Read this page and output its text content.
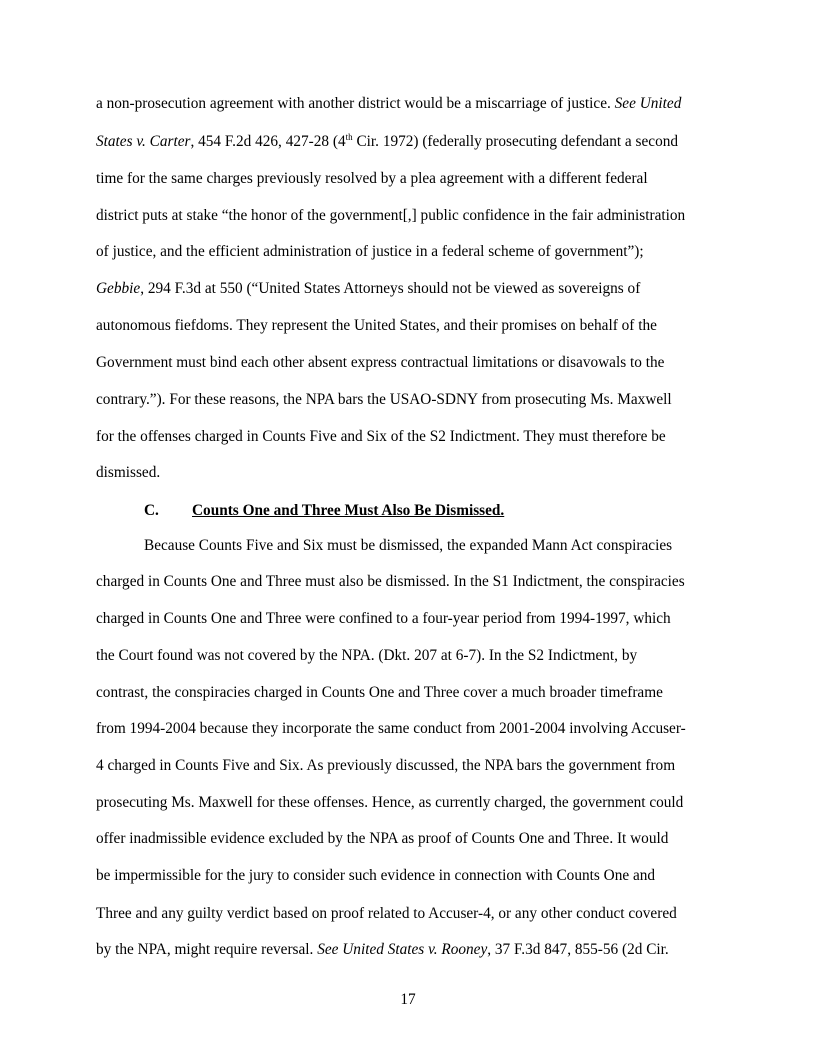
a non-prosecution agreement with another district would be a miscarriage of justice. See United
States v. Carter, 454 F.2d 426, 427-28 (4th Cir. 1972) (federally prosecuting defendant a second
time for the same charges previously resolved by a plea agreement with a different federal
district puts at stake “the honor of the government[,] public confidence in the fair administration
of justice, and the efficient administration of justice in a federal scheme of government”);
Gebbie, 294 F.3d at 550 (“United States Attorneys should not be viewed as sovereigns of
autonomous fiefdoms. They represent the United States, and their promises on behalf of the
Government must bind each other absent express contractual limitations or disavowals to the
contrary.”). For these reasons, the NPA bars the USAO-SDNY from prosecuting Ms. Maxwell
for the offenses charged in Counts Five and Six of the S2 Indictment. They must therefore be
dismissed.
C. Counts One and Three Must Also Be Dismissed.
Because Counts Five and Six must be dismissed, the expanded Mann Act conspiracies
charged in Counts One and Three must also be dismissed. In the S1 Indictment, the conspiracies
charged in Counts One and Three were confined to a four-year period from 1994-1997, which
the Court found was not covered by the NPA. (Dkt. 207 at 6-7). In the S2 Indictment, by
contrast, the conspiracies charged in Counts One and Three cover a much broader timeframe
from 1994-2004 because they incorporate the same conduct from 2001-2004 involving Accuser-
4 charged in Counts Five and Six. As previously discussed, the NPA bars the government from
prosecuting Ms. Maxwell for these offenses. Hence, as currently charged, the government could
offer inadmissible evidence excluded by the NPA as proof of Counts One and Three. It would
be impermissible for the jury to consider such evidence in connection with Counts One and
Three and any guilty verdict based on proof related to Accuser-4, or any other conduct covered
by the NPA, might require reversal. See United States v. Rooney, 37 F.3d 847, 855-56 (2d Cir.
17
